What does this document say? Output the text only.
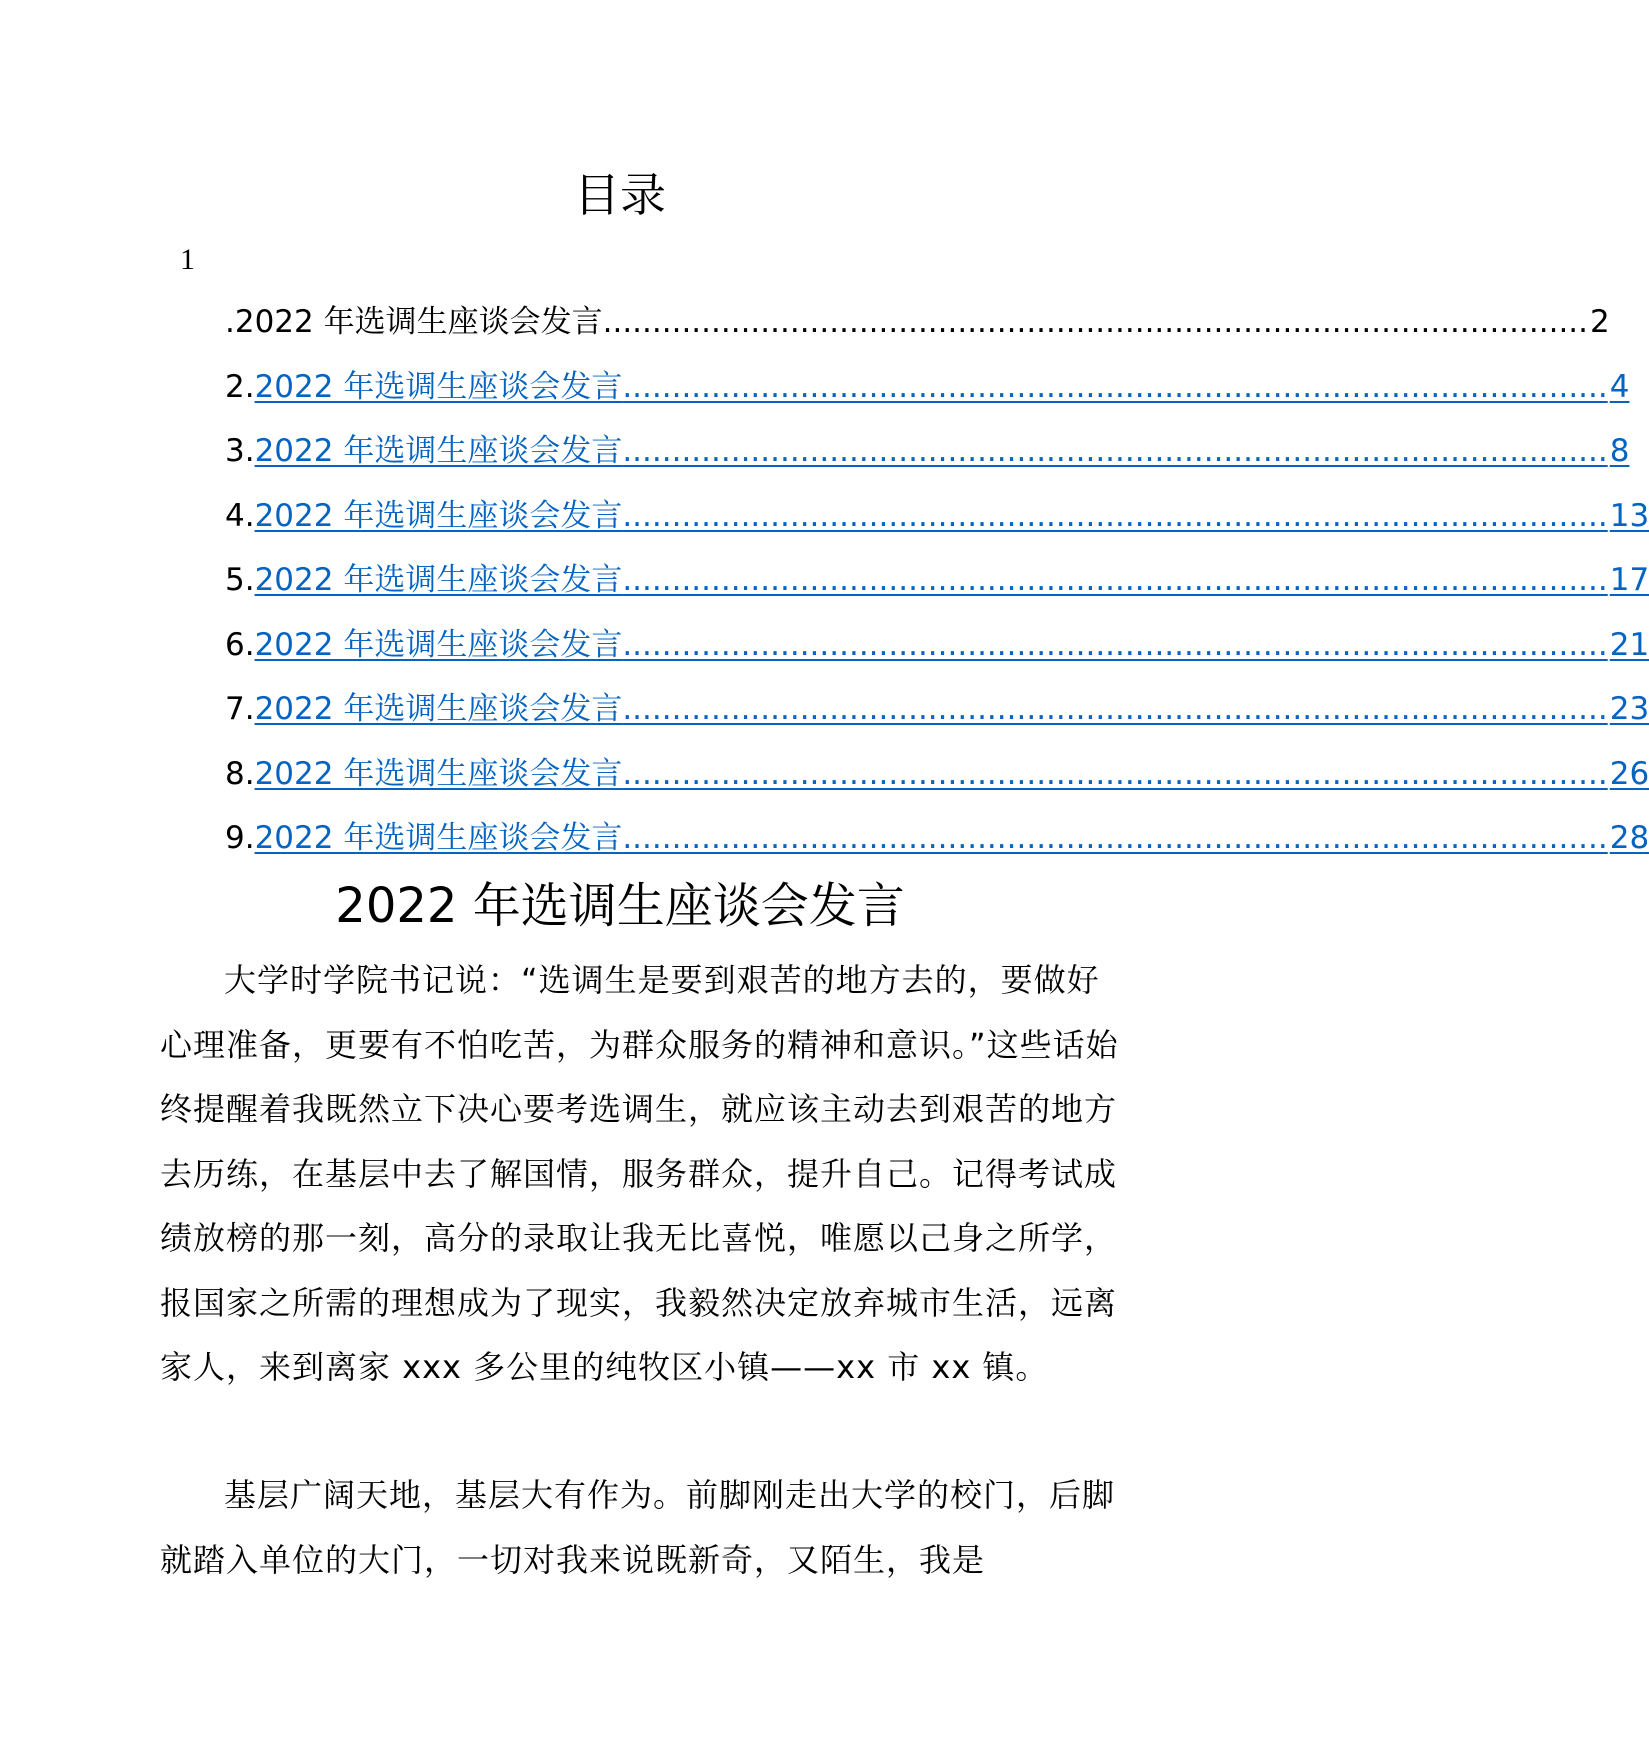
目录
1
. 2022 年选调生座谈会发言 .....	2
2. 2022 年选调生座谈会发言 .....	4
3. 2022 年选调生座谈会发言 .....	8
4. 2022 年选调生座谈会发言 .....	13
5. 2022 年选调生座谈会发言 .....	17
6. 2022 年选调生座谈会发言 .....	21
7. 2022 年选调生座谈会发言 .....	23
8. 2022 年选调生座谈会发言 .....	26
9. 2022 年选调生座谈会发言 .....	28
2022 年选调生座谈会发言

大学时学院书记说：“选调生是要到艰苦的地方去的，要做好心理准备，更要有不怕吃苦，为群众服务的精神和意识。”这些话始终提醒着我既然立下决心要考选调生，就应该主动去到艰苦的地方去历练，在基层中去了解国情，服务群众，提升自己。记得考试成绩放榜的那一刻，高分的录取让我无比喜悦，唯愿以己身之所学，报国家之所需的理想成为了现实，我毅然决定放弃城市生活，远离家人，来到离家 xxx 多公里的纯牧区小镇——xx 市 xx 镇。

基层广阔天地，基层大有作为。前脚刚走出大学的校门，后脚就踏入单位的大门，一切对我来说既新奇，又陌生，我是
